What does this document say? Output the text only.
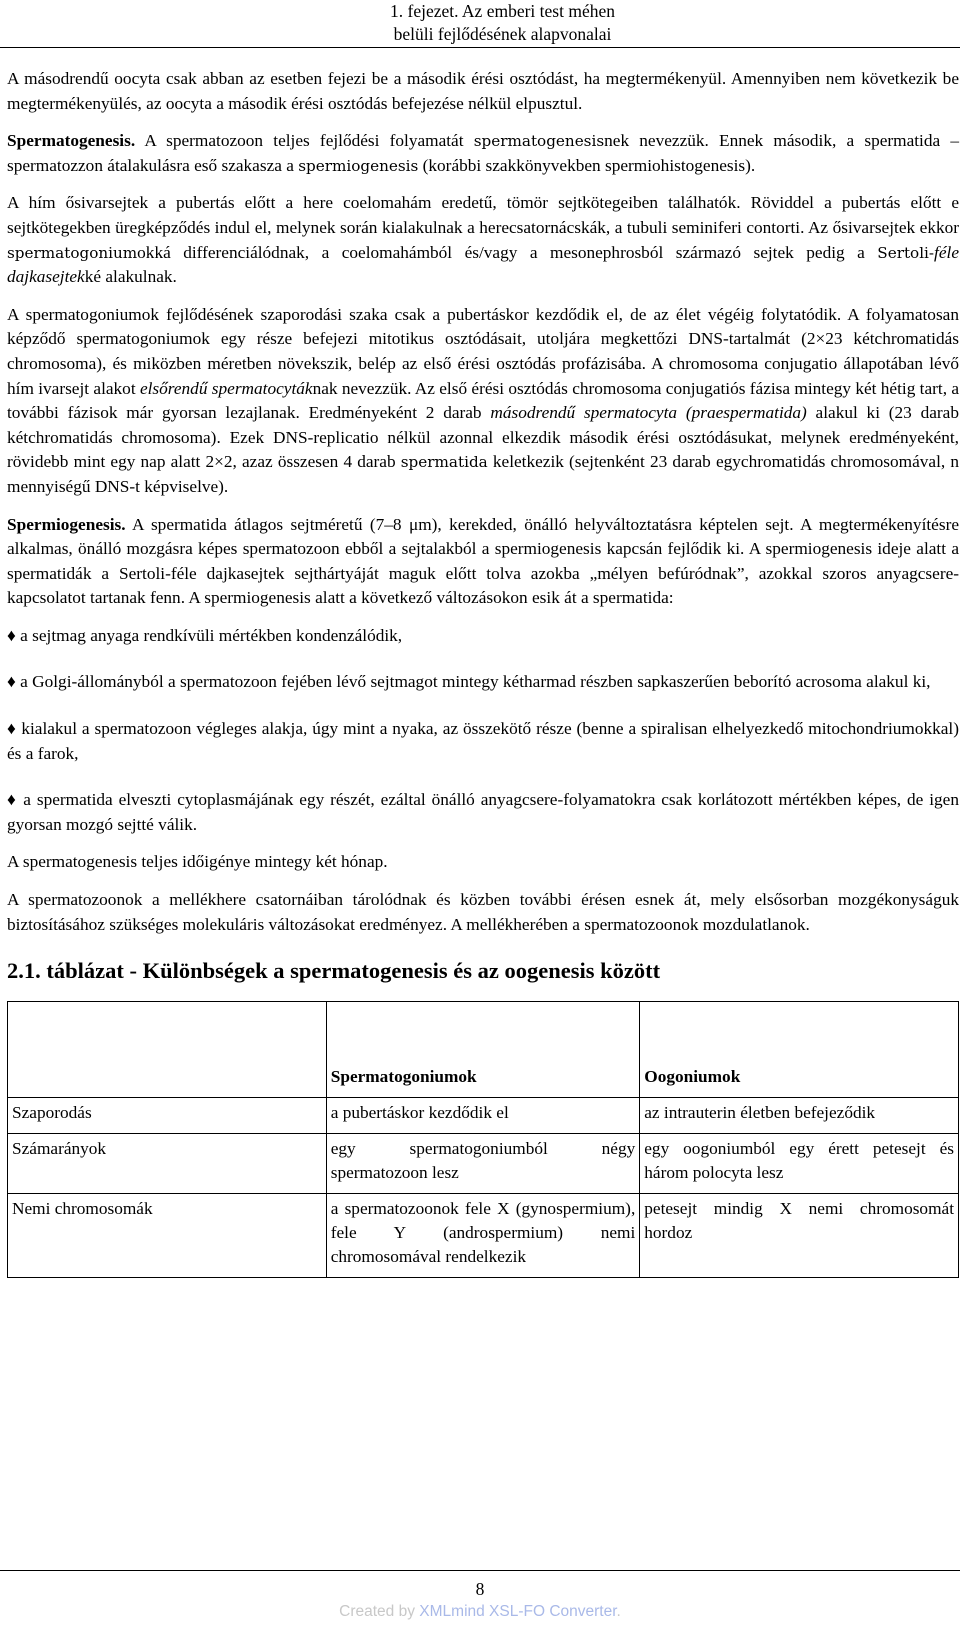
1. fejezet. Az emberi test méhen
belüli fejlődésének alapvonalai

A másodrendű oocyta csak abban az esetben fejezi be a második érési osztódást, ha megtermékenyül. Amennyiben nem következik be megtermékenyülés, az oocyta a második érési osztódás befejezése nélkül elpusztul.

Spermatogenesis. A spermatozoon teljes fejlődési folyamatát spermatogenesisnek nevezzük. Ennek második, a spermatida – spermatozzon átalakulásra eső szakasza a spermiogenesis (korábbi szakkönyvekben spermiohistogenesis).

A hím ősivarsejtek a pubertás előtt a here coelomahám eredetű, tömör sejtkötegeiben találhatók. Röviddel a pubertás előtt e sejtkötegekben üregképződés indul el, melynek során kialakulnak a herecsatornácskák, a tubuli seminiferi contorti. Az ősivarsejtek ekkor spermatogoniumokká differenciálódnak, a coelomahámból és/vagy a mesonephrosból származó sejtek pedig a Sertoli-féle dajkasejtekké alakulnak.

A spermatogoniumok fejlődésének szaporodási szaka csak a pubertáskor kezdődik el, de az élet végéig folytatódik. A folyamatosan képződő spermatogoniumok egy része befejezi mitotikus osztódásait, utoljára megkettőzi DNS-tartalmát (2×23 kétchromatidás chromosoma), és miközben méretben növekszik, belép az első érési osztódás profázisába. A chromosoma conjugatio állapotában lévő hím ivarsejt alakot elsőrendű spermatocytáknak nevezzük. Az első érési osztódás chromosoma conjugatiós fázisa mintegy két hétig tart, a további fázisok már gyorsan lezajlanak. Eredményeként 2 darab másodrendű spermatocyta (praespermatida) alakul ki (23 darab kétchromatidás chromosoma). Ezek DNS-replicatio nélkül azonnal elkezdik második érési osztódásukat, melynek eredményeként, rövidebb mint egy nap alatt 2×2, azaz összesen 4 darab spermatida keletkezik (sejtenként 23 darab egychromatidás chromosomával, n mennyiségű DNS-t képviselve).

Spermiogenesis. A spermatida átlagos sejtméretű (7–8 μm), kerekded, önálló helyváltoztatásra képtelen sejt. A megtermékenyítésre alkalmas, önálló mozgásra képes spermatozoon ebből a sejtalakból a spermiogenesis kapcsán fejlődik ki. A spermiogenesis ideje alatt a spermatidák a Sertoli-féle dajkasejtek sejthártyáját maguk előtt tolva azokba „mélyen befúródnak”, azokkal szoros anyagcsere-kapcsolatot tartanak fenn. A spermiogenesis alatt a következő változásokon esik át a spermatida:

♦ a sejtmag anyaga rendkívüli mértékben kondenzálódik,

♦ a Golgi-állományból a spermatozoon fejében lévő sejtmagot mintegy kétharmad részben sapkaszerűen beborító acrosoma alakul ki,

♦ kialakul a spermatozoon végleges alakja, úgy mint a nyaka, az összekötő része (benne a spiralisan elhelyezkedő mitochondriumokkal) és a farok,

♦ a spermatida elveszti cytoplasmájának egy részét, ezáltal önálló anyagcsere-folyamatokra csak korlátozott mértékben képes, de igen gyorsan mozgó sejtté válik.

A spermatogenesis teljes időigénye mintegy két hónap.

A spermatozoonok a mellékhere csatornáiban tárolódnak és közben további érésen esnek át, mely elsősorban mozgékonyságuk biztosításához szükséges molekuláris változásokat eredményez. A mellékherében a spermatozoonok mozdulatlanok.

2.1. táblázat - Különbségek a spermatogenesis és az oogenesis között
	Spermatogoniumok	Oogoniumok
Szaporodás	a pubertáskor kezdődik el	az intrauterin életben befejeződik
Számarányok	egy spermatogoniumból négy spermatozoon lesz	egy oogoniumból egy érett petesejt és három polocyta lesz
Nemi chromosomák	a spermatozoonok fele X (gynospermium), fele Y (androspermium) nemi chromosomával rendelkezik	petesejt mindig X nemi chromosomát hordoz
8
Created by XMLmind XSL-FO Converter.
